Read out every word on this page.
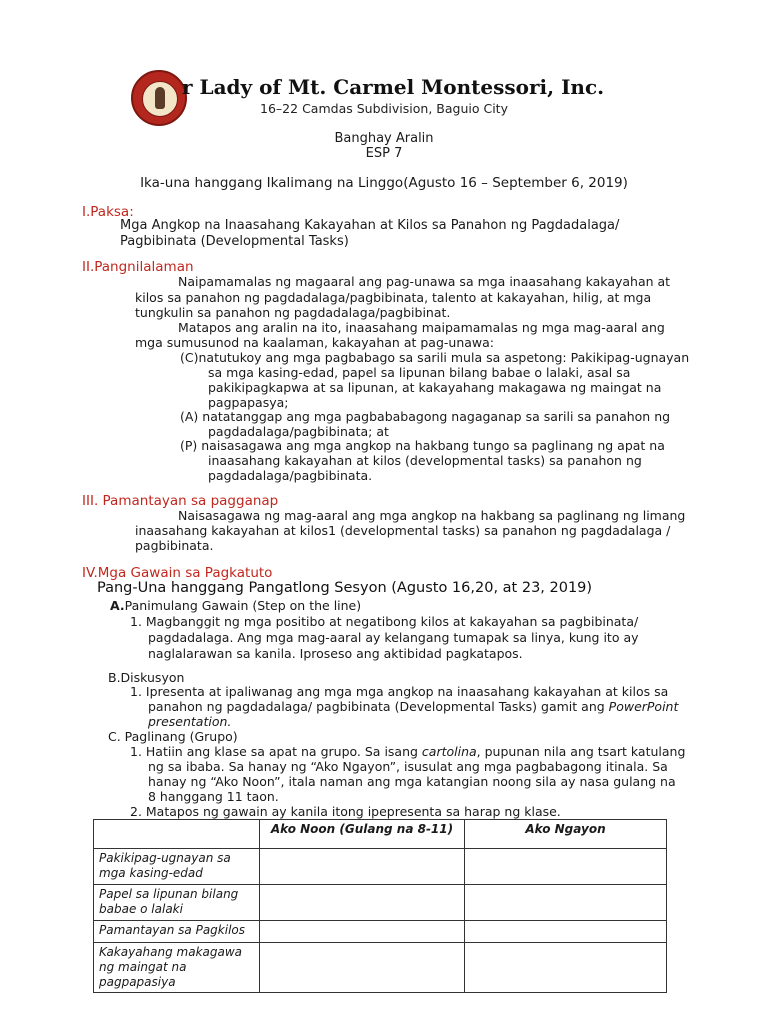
r Lady of Mt. Carmel Montessori, Inc.
16–22 Camdas Subdivision, Baguio City
Banghay Aralin
ESP 7
Ika-una hanggang Ikalimang na Linggo(Agusto 16 – September 6, 2019)
I.Paksa:
Mga Angkop na Inaasahang Kakayahan at Kilos sa Panahon ng Pagdadalaga/
Pagbibinata (Developmental Tasks)
II.Pangnilalaman
Naipamamalas ng magaaral ang pag-unawa sa mga inaasahang kakayahan at
kilos sa panahon ng pagdadalaga/pagbibinata, talento at kakayahan, hilig, at mga
tungkulin sa panahon ng pagdadalaga/pagbibinat.
Matapos ang aralin na ito, inaasahang maipamamalas ng mga mag-aaral ang
mga sumusunod na kaalaman, kakayahan at pag-unawa:
(C)natutukoy ang mga pagbabago sa sarili mula sa aspetong: Pakikipag-ugnayan
sa mga kasing-edad, papel sa lipunan bilang babae o lalaki, asal sa
pakikipagkapwa at sa lipunan, at kakayahang makagawa ng maingat na
pagpapasya;
(A) natatanggap ang mga pagbababagong nagaganap sa sarili sa panahon ng
pagdadalaga/pagbibinata; at
(P) naisasagawa ang mga angkop na hakbang tungo sa paglinang ng apat na
inaasahang kakayahan at kilos (developmental tasks) sa panahon ng
pagdadalaga/pagbibinata.
III. Pamantayan sa pagganap
Naisasagawa ng mag-aaral ang mga angkop na hakbang sa paglinang ng limang
inaasahang kakayahan at kilos1 (developmental tasks) sa panahon ng pagdadalaga /
pagbibinata.
IV.Mga Gawain sa Pagkatuto
Pang-Una hanggang Pangatlong Sesyon (Agusto 16,20, at 23, 2019)
A.Panimulang Gawain (Step on the line)
1. Magbanggit ng mga positibo at negatibong kilos at kakayahan sa pagbibinata/
pagdadalaga. Ang mga mag-aaral ay kelangang tumapak sa linya, kung ito ay
naglalarawan sa kanila. Iproseso ang aktibidad pagkatapos.
B.Diskusyon
1. Ipresenta at ipaliwanag ang mga mga angkop na inaasahang kakayahan at kilos sa
panahon ng pagdadalaga/ pagbibinata (Developmental Tasks) gamit ang PowerPoint
presentation.
C. Paglinang (Grupo)
1. Hatiin ang klase sa apat na grupo. Sa isang cartolina, pupunan nila ang tsart katulang
ng sa ibaba. Sa hanay ng “Ako Ngayon”, isusulat ang mga pagbabagong itinala. Sa
hanay ng “Ako Noon”, itala naman ang mga katangian noong sila ay nasa gulang na
8 hanggang 11 taon.
2. Matapos ng gawain ay kanila itong ipepresenta sa harap ng klase.
	Ako Noon (Gulang na 8-11)	Ako Ngayon
Pakikipag-ugnayan sa
mga kasing-edad		
Papel sa lipunan bilang
babae o lalaki		
Pamantayan sa Pagkilos		
Kakayahang makagawa
ng maingat na
pagpapasiya		
